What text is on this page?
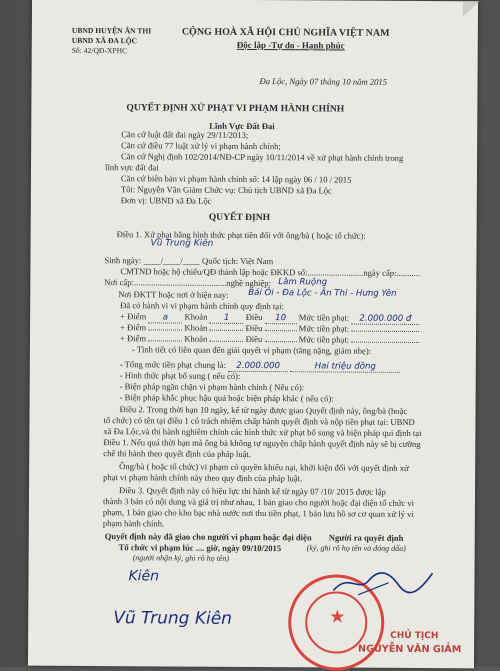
UBND HUYỆN ÂN THI
UBND XÃ ĐA LỘC
Số: 42/QĐ-XPHC
CỘNG HOÀ XÃ HỘI CHỦ NGHĨA VIỆT NAM
Độc lập -Tự do - Hạnh phúc
Đa Lộc, Ngày 07 tháng 10 năm 2015
QUYẾT ĐỊNH XỬ PHẠT VI PHẠM HÀNH CHÍNH
Lĩnh Vực Đất Đai
Căn cứ luật đất đai ngày 29/11/2013;
Căn cứ điều 77 luật xử lý vi phạm hành chính;
Căn cứ Nghị định 102/2014/NĐ-CP ngày 10/11/2014 về xử phạt hành chính trong
lĩnh vực đất đai
Căn cứ biên bản vi phạm hành chính số: 14 lập ngày 06 / 10 / 2015
Tôi: Nguyễn Văn Giảm Chức vụ: Chủ tịch UBND xã Đa Lộc
Đơn vị: UBND xã Đa Lộc
QUYẾT ĐỊNH
Điều 1. Xử phạt bằng hình thức phạt tiền đối với ông/bà ( hoặc tổ chức):
Vũ Trung Kiên
Sinh ngày: ____/____/____ Quốc tịch: Việt Nam
CMTND hoặc hộ chiếu/QĐ thành lập hoặc ĐKKD số:..........................ngày cấp:...........
Nơi cấp:...........................................nghề nghiệp: Làm Ruộng
Nơi ĐKTT hoặc nơi ở hiện nay: Bái Ôi - Đa Lộc - Ân Thi - Hưng Yên
Đã có hành vi vi phạm hành chính quy định tại:
+ Điểm a Khoản 1 Điều 10 Mức tiền phạt: 2.000.000 đ
+ Điểm	Khoản	Điều	Mức tiền phạt:
+ Điểm	Khoản	Điều	Mức tiền phạt:
- Tình tiết có liên quan đến giải quyết vi phạm (tăng nặng, giảm nhẹ):
- Tổng mức tiền phạt chung là: 2.000.000	Hai triệu đồng
- Hình thức phạt bổ sung ( nếu có):
- Biện pháp ngăn chặn vi phạm hành chính ( Nếu có):
- Biện pháp khắc phục hậu quả hoặc biện pháp khác ( nếu có):
Điều 2. Trong thời hạn 10 ngày, kể từ ngày được giao Quyết định này, ông/bà (hoặc
tổ chức) có tên tại điều 1 có trách nhiệm chấp hành quyết định và nộp tiền phạt tại: UBND
xã Đa Lộc,và thi hành nghiêm chỉnh các hình thức xử phạt bổ sung và biện pháp qui định tại
Điều 1. Nếu quá thời hạn mà ông bà không tự nguyện chấp hành quyết định này sẽ bị cưỡng
chế thi hành theo quyết định của pháp luật.
Ông/bà ( hoặc tổ chức) vi phạm có quyền khiếu nại, khởi kiện đối với quyết định xử
phạt vi phạm hành chính này theo quy định của pháp luật.
Điều 3. Quyết định này có hiệu lực thi hành kể từ ngày 07 /10/ 2015 được lập
thành 3 bản có nội dung và giá trị như nhau, 1 bản giao cho người hoặc đại diện tổ chức vi
phạm, 1 bản giao cho kho bạc nhà nước nơi thu tiền phạt, 1 bản lưu hồ sơ cơ quan xử lý vi
phạm hành chính.
Quyết định này đã giao cho người vi phạm hoặc đại diện
Tổ chức vi phạm lúc .... giờ, ngày 09/10/2015
(người nhận ký, ghi rõ họ tên)
Kiên
Vũ Trung Kiên
Người ra quyết định
(ký, ghi rõ họ tên và đóng dấu)
★
CHỦ TỊCH
NGUYỄN VĂN GIẢM
